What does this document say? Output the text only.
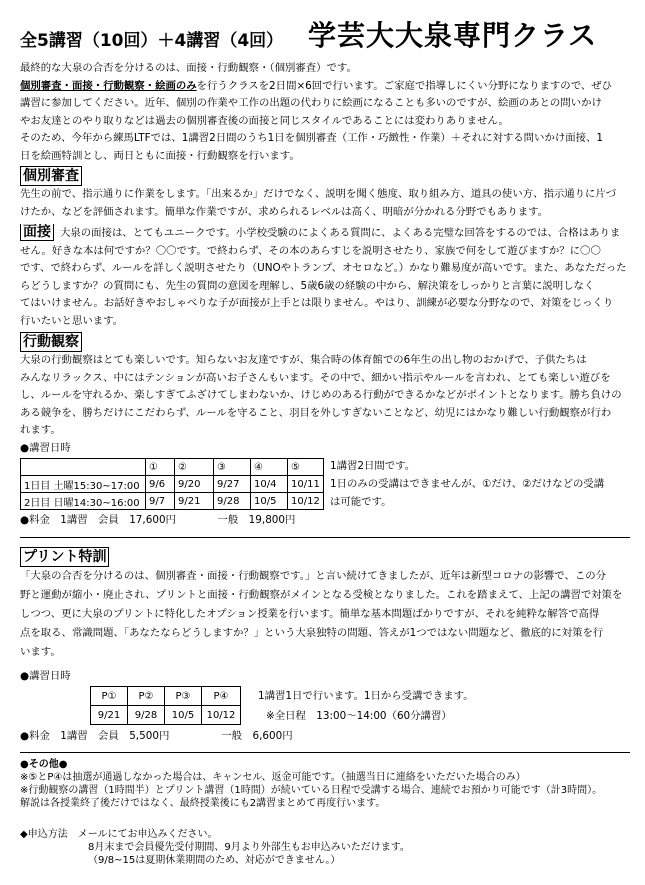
全5講習（10回）＋4講習（4回） 学芸大大泉専門クラス
最終的な大泉の合否を分けるのは、面接・行動観察・（個別審査）です。
個別審査・面接・行動観察・絵画のみを行うクラスを2日間×6回で行います。ご家庭で指導しにくい分野になりますので、ぜひ
講習に参加してください。近年、個別の作業や工作の出題の代わりに絵画になることも多いのですが、絵画のあとの問いかけ
やお友達とのやり取りなどは過去の個別審査後の面接と同じスタイルであることには変わりありません。
そのため、今年から練馬LTFでは、1講習2日間のうち1日を個別審査（工作・巧緻性・作業）＋それに対する問いかけ面接、1
日を絵画特訓とし、両日ともに面接・行動観察を行います。
個別審査
先生の前で、指示通りに作業をします。「出来るか」だけでなく、説明を聞く態度、取り組み方、道具の使い方、指示通りに片づ
けたか、などを評価されます。簡単な作業ですが、求められるレベルは高く、明暗が分かれる分野でもあります。
面接 大泉の面接は、とてもユニークです。小学校受験のによくある質問に、よくある完璧な回答をするのでは、合格はありま
せん。好きな本は何ですか？〇〇です。で終わらず、その本のあらすじを説明させたり、家族で何をして遊びますか？に〇〇
です、で終わらず、ルールを詳しく説明させたり（UNOやトランプ、オセロなど。）かなり難易度が高いです。また、あなただった
らどうしますか？の質問にも、先生の質問の意図を理解し、5歳6歳の経験の中から、解決策をしっかりと言葉に説明しなく
てはいけません。お話好きやおしゃべりな子が面接が上手とは限りません。やはり、訓練が必要な分野なので、対策をじっくり
行いたいと思います。
行動観察
大泉の行動観察はとても楽しいです。知らないお友達ですが、集合時の体育館での6年生の出し物のおかげで、子供たちは
みんなリラックス、中にはテンションが高いお子さんもいます。その中で、細かい指示やルールを言われ、とても楽しい遊びを
し、ルールを守れるか、楽しすぎてふざけてしまわないか、けじめのある行動ができるかなどがポイントとなります。勝ち負けの
ある競争を、勝ちだけにこだわらず、ルールを守ること、羽目を外しすぎないことなど、幼児にはかなり難しい行動観察が行わ
れます。
●講習日時
	①	②	③	④	⑤
1日目 土曜15:30~17:00	9/6	9/20	9/27	10/4	10/11
2日目 日曜14:30~16:00	9/7	9/21	9/28	10/5	10/12
1講習2日間です。
1日のみの受講はできませんが、①だけ、②だけなどの受講
は可能です。
●料金　1講習　会員　17,600円　　　　一般　19,800円
プリント特訓
「大泉の合否を分けるのは、個別審査・面接・行動観察です。」と言い続けてきましたが、近年は新型コロナの影響で、この分
野と運動が縮小・廃止され、プリントと面接・行動観察がメインとなる受検となりました。これを踏まえて、上記の講習で対策を
しつつ、更に大泉のプリントに特化したオプション授業を行います。簡単な基本問題ばかりですが、それを純粋な解答で高得
点を取る、常識問題、「あなたならどうしますか？」という大泉独特の問題、答えが1つではない問題など、徹底的に対策を行
います。
●講習日時
P①	P②	P③	P④
9/21	9/28	10/5	10/12
1講習1日で行います。1日から受講できます。
※全日程　13:00～14:00（60分講習）
●料金　1講習　会員　5,500円　　　　　一般　6,600円
●その他●
※⑤とP④は抽選が通過しなかった場合は、キャンセル、返金可能です。（抽選当日に連絡をいただいた場合のみ）
※行動観察の講習（1時間半）とプリント講習（1時間）が続いている日程で受講する場合、連続でお預かり可能です（計3時間）。
解説は各授業終了後だけではなく、最終授業後にも2講習まとめて再度行います。
◆申込方法　メールにてお申込みください。
8月末まで会員優先受付期間、9月より外部生もお申込みいただけます。
（9/8~15は夏期休業期間のため、対応ができません。）
